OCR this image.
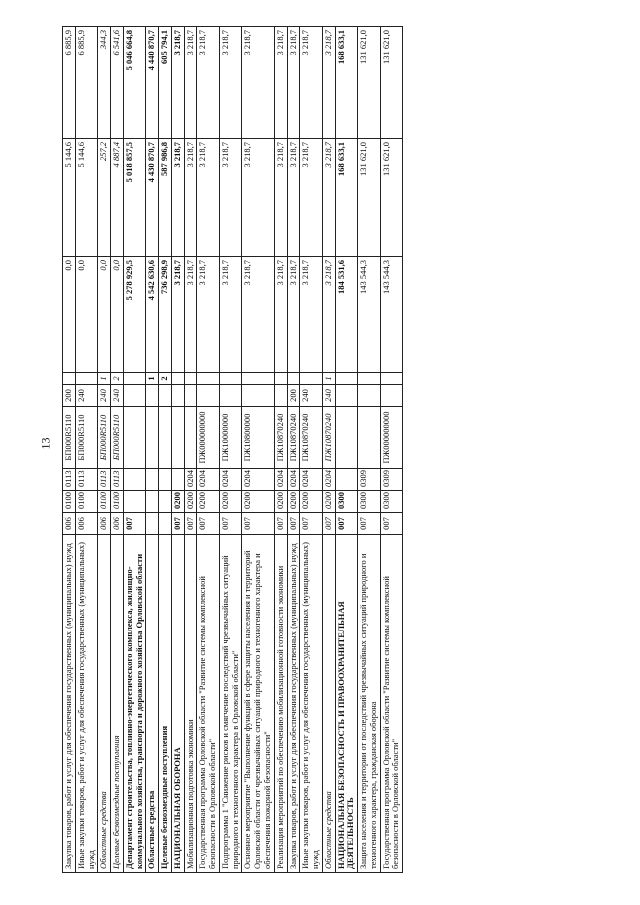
13
Закупка товаров, работ и услуг для обеспечения государственных (муниципальных) нужд	006	0100	0113	БП000R5110	200		0,0	5 144,6	6 885,9
Иные закупки товаров, работ и услуг для обеспечения государственных (муниципальных) нужд	006	0100	0113	БП000R5110	240		0,0	5 144,6	6 885,9
Областные средства	006	0100	0113	БП000R5110	240	1	0,0	257,2	344,3
Целевые безвозмездные поступления	006	0100	0113	БП000R5110	240	2	0,0	4 887,4	6 541,6
Департамент строительства, топливно-энергетического комплекса, жилищно-коммунального хозяйства, транспорта и дорожного хозяйства Орловской области	007						5 278 929,5	5 018 857,5	5 046 664,8
Областные средства						1	4 542 630,6	4 430 870,7	4 440 870,7
Целевые безвозмездные поступления						2	736 298,9	587 986,8	605 794,1
НАЦИОНАЛЬНАЯ ОБОРОНА	007	0200					3 218,7	3 218,7	3 218,7
Мобилизационная подготовка экономики	007	0200	0204				3 218,7	3 218,7	3 218,7
Государственная программа Орловской области "Развитие системы комплексной безопасности в Орловской области"	007	0200	0204	ПЖ000000000			3 218,7	3 218,7	3 218,7
Подпрограмма 1 "Снижение рисков и смягчение последствий чрезвычайных ситуаций природного и техногенного характера в Орловской области"	007	0200	0204	ПЖ10000000			3 218,7	3 218,7	3 218,7
Основное мероприятие "Выполнение функций в сфере защиты населения и территорий Орловской области от чрезвычайных ситуаций природного и техногенного характера и обеспечения пожарной безопасности"	007	0200	0204	ПЖ10800000			3 218,7	3 218,7	3 218,7
Реализация мероприятий по обеспечению мобилизационной готовности экономики	007	0200	0204	ПЖ10870240			3 218,7	3 218,7	3 218,7
Закупка товаров, работ и услуг для обеспечения государственных (муниципальных) нужд	007	0200	0204	ПЖ10870240	200		3 218,7	3 218,7	3 218,7
Иные закупки товаров, работ и услуг для обеспечения государственных (муниципальных) нужд	007	0200	0204	ПЖ10870240	240		3 218,7	3 218,7	3 218,7
Областные средства	007	0200	0204	ПЖ10870240	240	1	3 218,7	3 218,7	3 218,7
НАЦИОНАЛЬНАЯ БЕЗОПАСНОСТЬ И ПРАВООХРАНИТЕЛЬНАЯ ДЕЯТЕЛЬНОСТЬ	007	0300					184 531,6	168 633,1	168 633,1
Защита населения и территории от последствий чрезвычайных ситуаций природного и техногенного характера, гражданская оборона	007	0300	0309				143 544,3	131 621,0	131 621,0
Государственная программа Орловской области "Развитие системы комплексной безопасности в Орловской области"	007	0300	0309	ПЖ000000000			143 544,3	131 621,0	131 621,0
